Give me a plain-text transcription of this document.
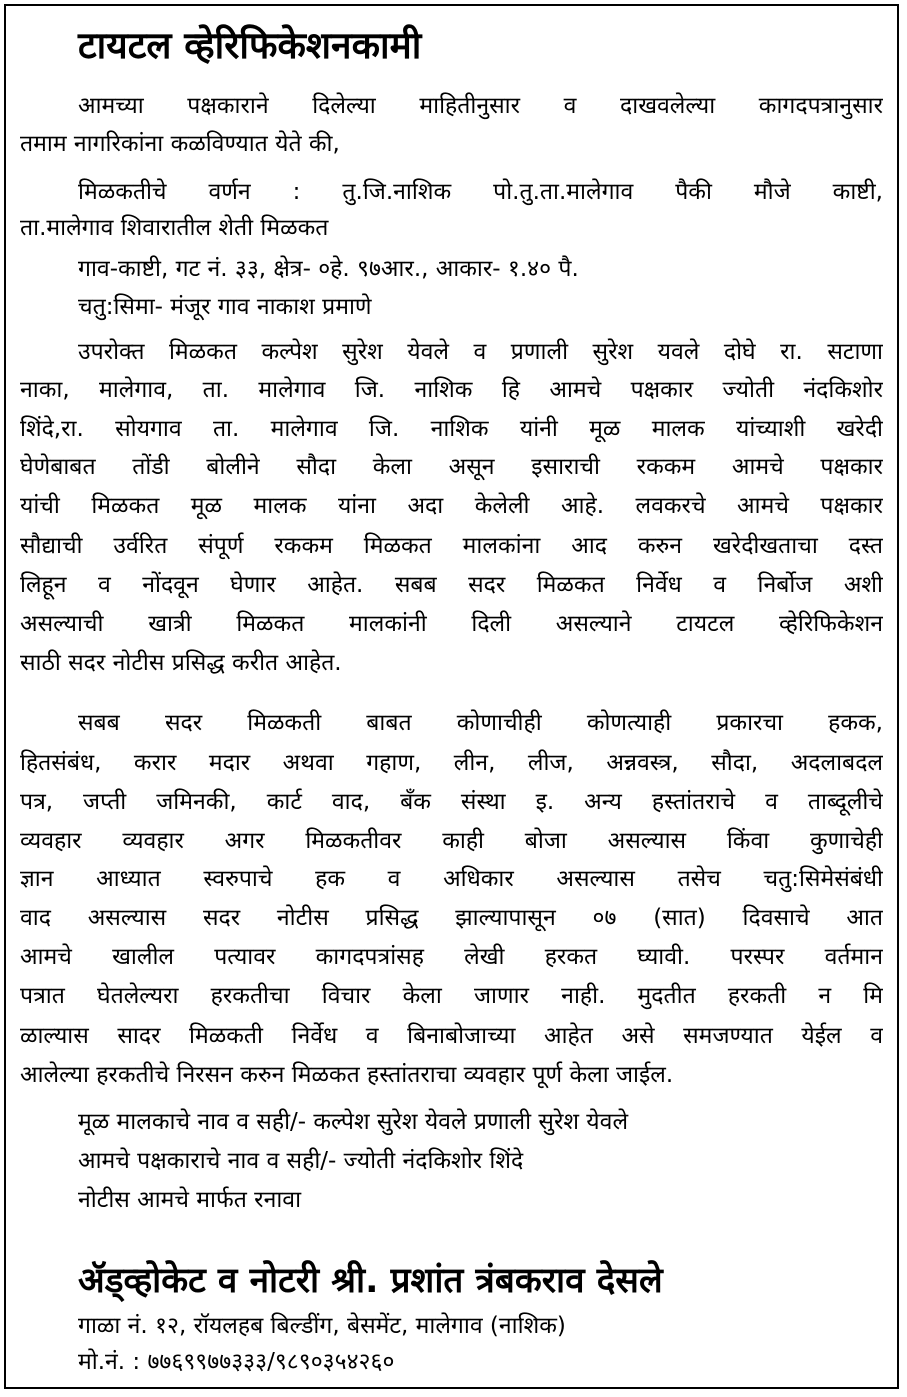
टायटल व्हेरिफिकेशनकामी
आमच्या पक्षकाराने दिलेल्या माहितीनुसार व दाखवलेल्या कागदपत्रानुसार
तमाम नागरिकांना कळविण्यात येते की,
मिळकतीचे वर्णन : तु.जि.नाशिक पो.तु.ता.मालेगाव पैकी मौजे काष्टी,
ता.मालेगाव शिवारातील शेती मिळकत
गाव-काष्टी, गट नं. ३३, क्षेत्र- ०हे. ९७आर., आकार- १.४० पै.
चतु:सिमा- मंजूर गाव नाकाश प्रमाणे
उपरोक्त मिळकत कल्पेश सुरेश येवले व प्रणाली सुरेश यवले दोघे रा. सटाणा
नाका, मालेगाव, ता. मालेगाव जि. नाशिक हि आमचे पक्षकार ज्योती नंदकिशोर
शिंदे,रा. सोयगाव ता. मालेगाव जि. नाशिक यांनी मूळ मालक यांच्याशी खरेदी
घेणेबाबत तोंडी बोलीने सौदा केला असून इसाराची रककम आमचे पक्षकार
यांची मिळकत मूळ मालक यांना अदा केलेली आहे. लवकरचे आमचे पक्षकार
सौद्याची उर्वरित संपूर्ण रककम मिळकत मालकांना आद करुन खरेदीखताचा दस्त
लिहून व नोंदवून घेणार आहेत. सबब सदर मिळकत निर्वेध व निर्बोज अशी
असल्याची खात्री मिळकत मालकांनी दिली असल्याने टायटल व्हेरिफिकेशन
साठी सदर नोटीस प्रसिद्ध करीत आहेत.
सबब सदर मिळकती बाबत कोणाचीही कोणत्याही प्रकारचा हकक,
हितसंबंध, करार मदार अथवा गहाण, लीन, लीज, अन्नवस्त्र, सौदा, अदलाबदल
पत्र, जप्ती जमिनकी, कार्ट वाद, बँक संस्था इ. अन्य हस्तांतराचे व ताब्दूलीचे
व्यवहार व्यवहार अगर मिळकतीवर काही बोजा असल्यास किंवा कुणाचेही
ज्ञान आध्यात स्वरुपाचे हक व अधिकार असल्यास तसेच चतु:सिमेसंबंधी
वाद असल्यास सदर नोटीस प्रसिद्ध झाल्यापासून ०७ (सात) दिवसाचे आत
आमचे खालील पत्यावर कागदपत्रांसह लेखी हरकत घ्यावी. परस्पर वर्तमान
पत्रात घेतलेल्यरा हरकतीचा विचार केला जाणार नाही. मुदतीत हरकती न मि
ळाल्यास सादर मिळकती निर्वेध व बिनाबोजाच्या आहेत असे समजण्यात येईल व
आलेल्या हरकतीचे निरसन करुन मिळकत हस्तांतराचा व्यवहार पूर्ण केला जाईल.
मूळ मालकाचे नाव व सही/- कल्पेश सुरेश येवले प्रणाली सुरेश येवले
आमचे पक्षकाराचे नाव व सही/- ज्योती नंदकिशोर शिंदे
नोटीस आमचे मार्फत रनावा
ॲड्व्होकेट व नोटरी श्री. प्रशांत त्रंबकराव देसले
गाळा नं. १२, रॉयलहब बिल्डींग, बेसमेंट, मालेगाव (नाशिक)
मो.नं. : ७७६९९७७३३३/९८९०३५४२६०
